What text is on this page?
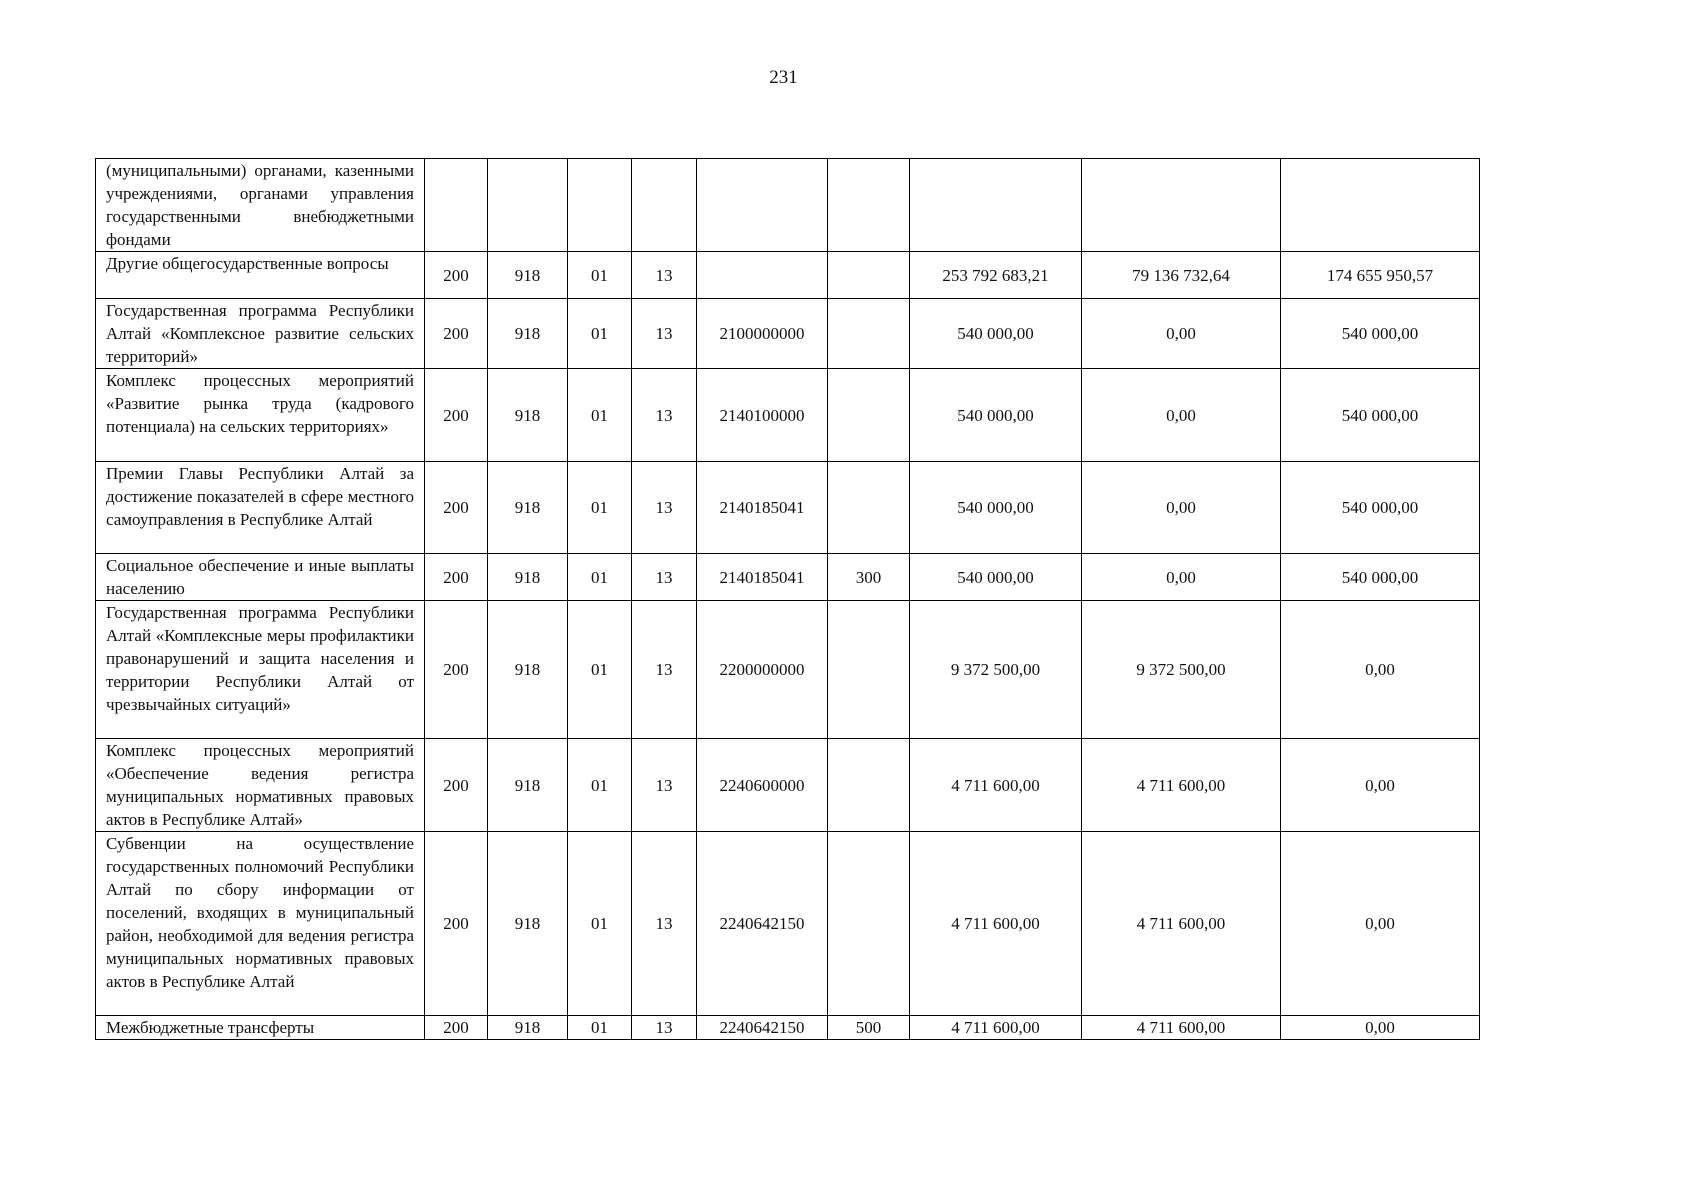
231
(муниципальными) органами, казенными учреждениями, органами управления государственными внебюджетными фондами									
Другие общегосударственные вопросы	200	918	01	13			253 792 683,21	79 136 732,64	174 655 950,57
Государственная программа Республики Алтай «Комплексное развитие сельских территорий»	200	918	01	13	2100000000		540 000,00	0,00	540 000,00
Комплекс процессных мероприятий «Развитие рынка труда (кадрового потенциала) на сельских территориях»	200	918	01	13	2140100000		540 000,00	0,00	540 000,00
Премии Главы Республики Алтай за достижение показателей в сфере местного самоуправления в Республике Алтай	200	918	01	13	2140185041		540 000,00	0,00	540 000,00
Социальное обеспечение и иные выплаты населению	200	918	01	13	2140185041	300	540 000,00	0,00	540 000,00
Государственная программа Республики Алтай «Комплексные меры профилактики правонарушений и защита населения и территории Республики Алтай от чрезвычайных ситуаций»	200	918	01	13	2200000000		9 372 500,00	9 372 500,00	0,00
Комплекс процессных мероприятий «Обеспечение ведения регистра муниципальных нормативных правовых актов в Республике Алтай»	200	918	01	13	2240600000		4 711 600,00	4 711 600,00	0,00
Субвенции на осуществление государственных полномочий Республики Алтай по сбору информации от поселений, входящих в муниципальный район, необходимой для ведения регистра муниципальных нормативных правовых актов в Республике Алтай	200	918	01	13	2240642150		4 711 600,00	4 711 600,00	0,00
Межбюджетные трансферты	200	918	01	13	2240642150	500	4 711 600,00	4 711 600,00	0,00
